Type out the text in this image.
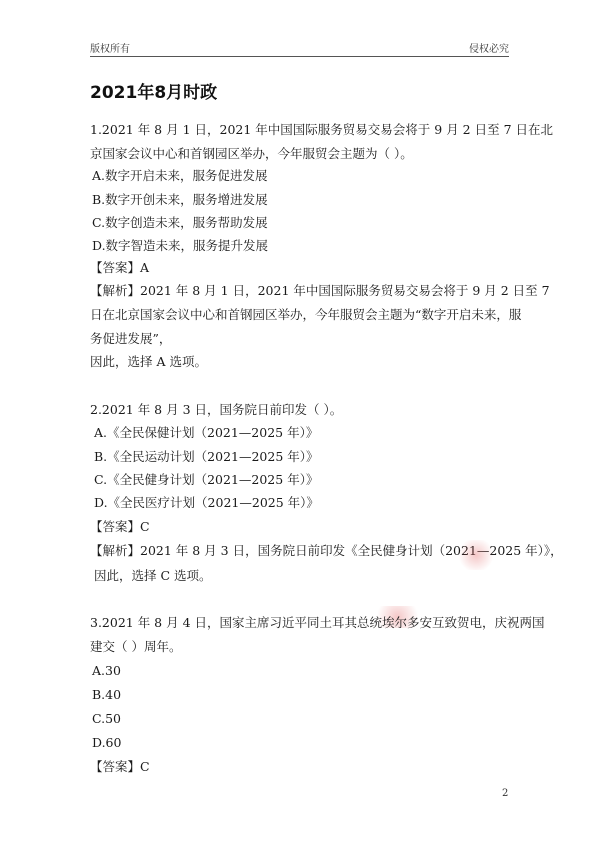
版权所有	侵权必究
2021年8月时政
1.2021 年 8 月 1 日，2021 年中国国际服务贸易交易会将于 9 月 2 日至 7 日在北
京国家会议中心和首钢园区举办，今年服贸会主题为（ ）。
A.数字开启未来，服务促进发展
B.数字开创未来，服务增进发展
C.数字创造未来，服务帮助发展
D.数字智造未来，服务提升发展
【答案】A
【解析】2021 年 8 月 1 日，2021 年中国国际服务贸易交易会将于 9 月 2 日至 7
日在北京国家会议中心和首钢园区举办，今年服贸会主题为“数字开启未来，服
务促进发展”，
因此，选择 A 选项。
2.2021 年 8 月 3 日，国务院日前印发（ ）。
A.《全民保健计划（2021—2025 年）》
B.《全民运动计划（2021—2025 年）》
C.《全民健身计划（2021—2025 年）》
D.《全民医疗计划（2021—2025 年）》
【答案】C
【解析】2021 年 8 月 3 日，国务院日前印发《全民健身计划（2021—2025 年）》，
因此，选择 C 选项。
3.2021 年 8 月 4 日，国家主席习近平同土耳其总统埃尔多安互致贺电，庆祝两国
建交（ ）周年。
A.30
B.40
C.50
D.60
【答案】C
2
知乎 @简一
